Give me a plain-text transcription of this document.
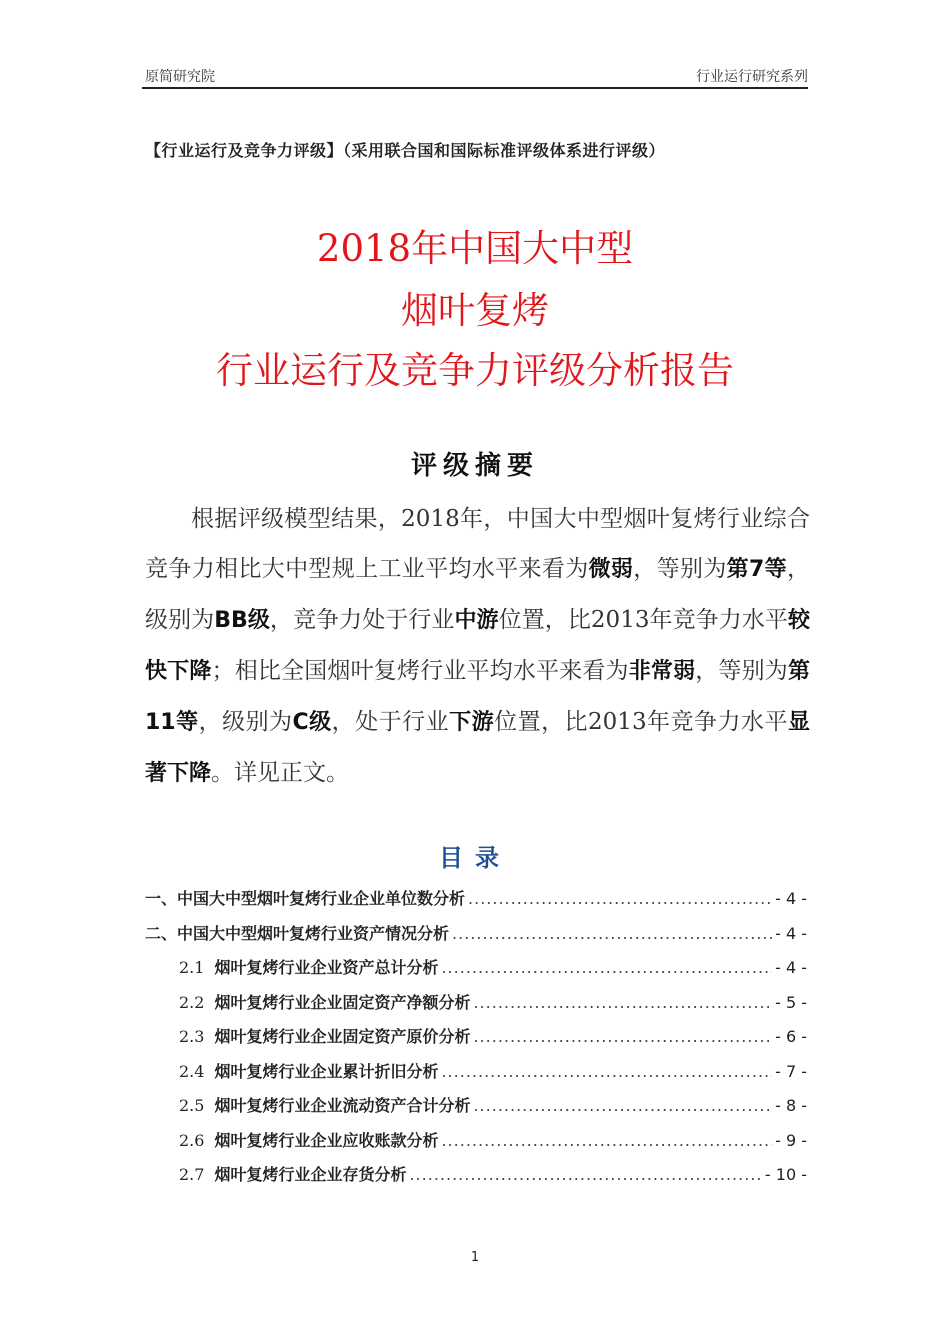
原简研究院	行业运行研究系列
【行业运行及竞争力评级】（采用联合国和国际标准评级体系进行评级）
2018年中国大中型
烟叶复烤
行业运行及竞争力评级分析报告
评级摘要
根据评级模型结果，2018年，中国大中型烟叶复烤行业综合竞争力相比大中型规上工业平均水平来看为微弱，等别为第7等，级别为BB级，竞争力处于行业中游位置，比2013年竞争力水平较快下降；相比全国烟叶复烤行业平均水平来看为非常弱，等别为第11等，级别为C级，处于行业下游位置，比2013年竞争力水平显著下降。详见正文。
目录
一、 中国大中型烟叶复烤行业企业单位数分析 .....	- 4 -
二、 中国大中型烟叶复烤行业资产情况分析 .....	- 4 -
2.1 烟叶复烤行业企业资产总计分析 .....	- 4 -
2.2 烟叶复烤行业企业固定资产净额分析 .....	- 5 -
2.3 烟叶复烤行业企业固定资产原价分析 .....	- 6 -
2.4 烟叶复烤行业企业累计折旧分析 .....	- 7 -
2.5 烟叶复烤行业企业流动资产合计分析 .....	- 8 -
2.6 烟叶复烤行业企业应收账款分析 .....	- 9 -
2.7 烟叶复烤行业企业存货分析 .....	- 10 -
1
